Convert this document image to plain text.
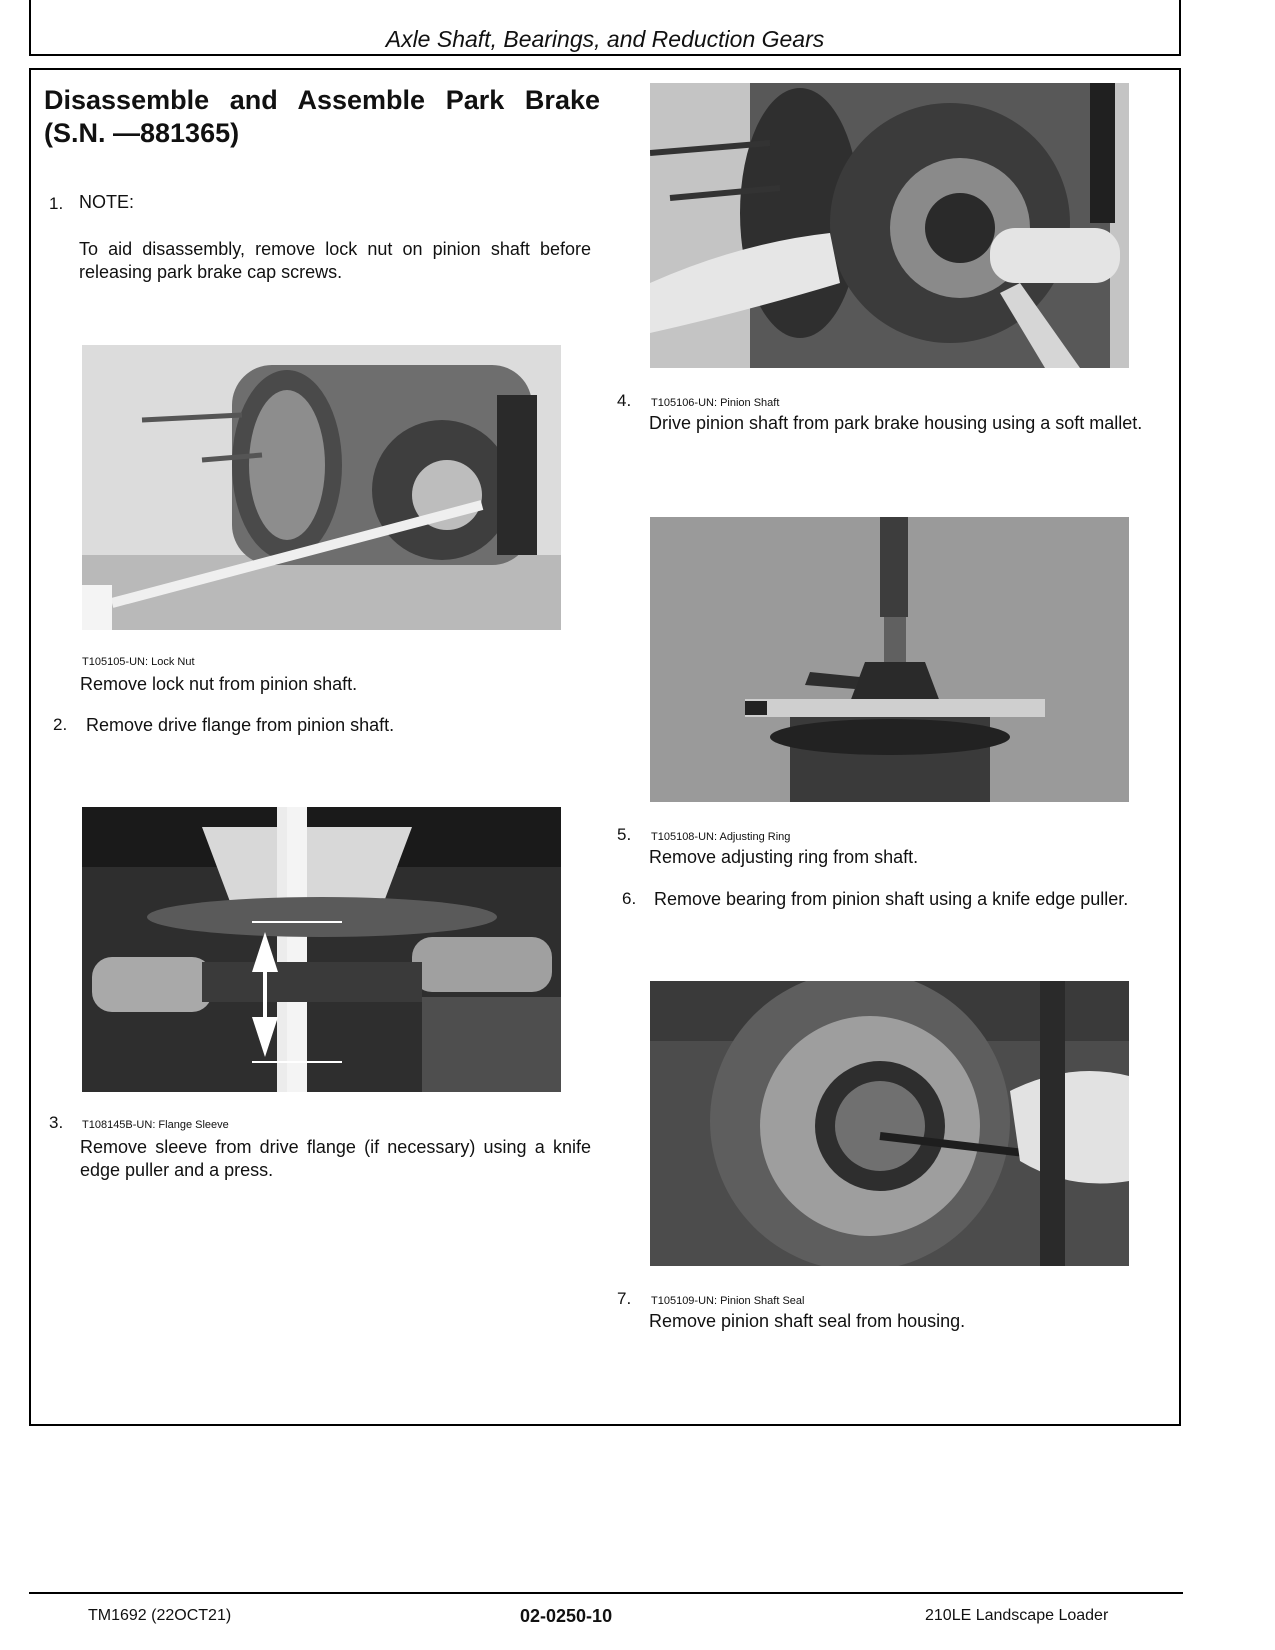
Axle Shaft, Bearings, and Reduction Gears
Disassemble and Assemble Park Brake (S.N. —881365)
1. NOTE:
To aid disassembly, remove lock nut on pinion shaft before releasing park brake cap screws.
T105105-UN: Lock Nut
Remove lock nut from pinion shaft.
2. Remove drive flange from pinion shaft.
3. T108145B-UN: Flange Sleeve
Remove sleeve from drive flange (if necessary) using a knife edge puller and a press.
4. T105106-UN: Pinion Shaft
Drive pinion shaft from park brake housing using a soft mallet.
5. T105108-UN: Adjusting Ring
Remove adjusting ring from shaft.
6. Remove bearing from pinion shaft using a knife edge puller.
7. T105109-UN: Pinion Shaft Seal
Remove pinion shaft seal from housing.
TM1692 (22OCT21)	02-0250-10	210LE Landscape Loader
